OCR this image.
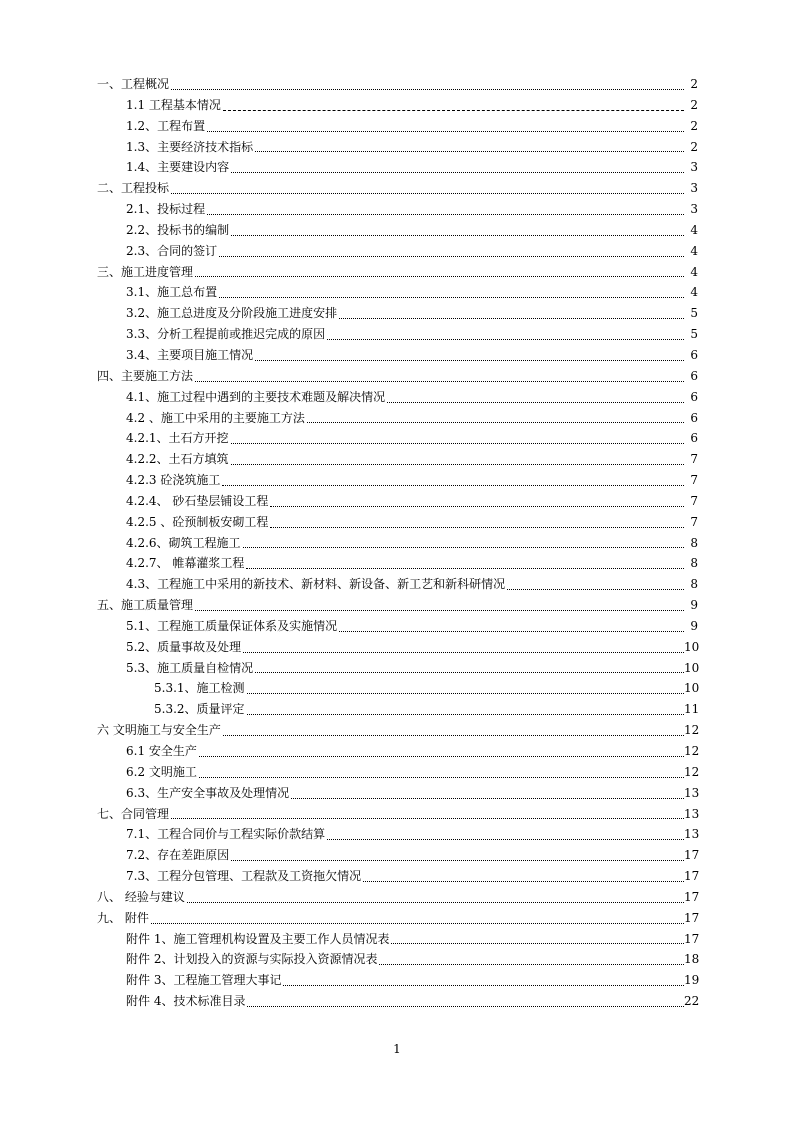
一、工程概况	2
1.1 工程基本情况	2
1.2、工程布置	2
1.3、主要经济技术指标	2
1.4、主要建设内容	3
二、工程投标	3
2.1、投标过程	3
2.2、投标书的编制	4
2.3、合同的签订	4
三、施工进度管理	4
3.1、施工总布置	4
3.2、施工总进度及分阶段施工进度安排	5
3.3、分析工程提前或推迟完成的原因	5
3.4、主要项目施工情况	6
四、主要施工方法	6
4.1、施工过程中遇到的主要技术难题及解决情况	6
4.2 、施工中采用的主要施工方法	6
4.2.1、土石方开挖	6
4.2.2、土石方填筑	7
4.2.3 砼浇筑施工	7
4.2.4、 砂石垫层铺设工程	7
4.2.5 、砼预制板安砌工程	7
4.2.6、砌筑工程施工	8
4.2.7、 帷幕灌浆工程	8
4.3、工程施工中采用的新技术、新材料、新设备、新工艺和新科研情况	8
五、施工质量管理	9
5.1、工程施工质量保证体系及实施情况	9
5.2、质量事故及处理	10
5.3、施工质量自检情况	10
5.3.1、施工检测	10
5.3.2、质量评定	11
六 文明施工与安全生产	12
6.1 安全生产	12
6.2 文明施工	12
6.3、生产安全事故及处理情况	13
七、合同管理	13
7.1、工程合同价与工程实际价款结算	13
7.2、存在差距原因	17
7.3、工程分包管理、工程款及工资拖欠情况	17
八、 经验与建议	17
九、 附件	17
附件 1、施工管理机构设置及主要工作人员情况表	17
附件 2、计划投入的资源与实际投入资源情况表	18
附件 3、工程施工管理大事记	19
附件 4、技术标准目录	22
1
